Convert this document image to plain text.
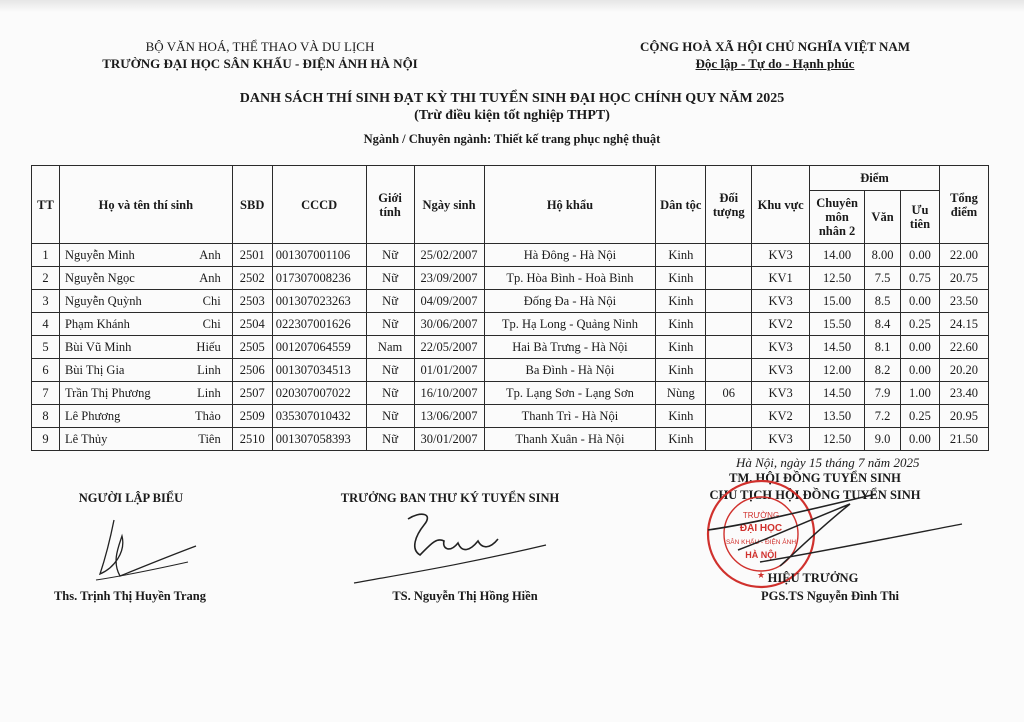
BỘ VĂN HOÁ, THỂ THAO VÀ DU LỊCH
TRƯỜNG ĐẠI HỌC SÂN KHẤU - ĐIỆN ẢNH HÀ NỘI
CỘNG HOÀ XÃ HỘI CHỦ NGHĨA VIỆT NAM
Độc lập - Tự do - Hạnh phúc
DANH SÁCH THÍ SINH ĐẠT KỲ THI TUYỂN SINH ĐẠI HỌC CHÍNH QUY NĂM 2025
(Trừ điều kiện tốt nghiệp THPT)
Ngành / Chuyên ngành: Thiết kế trang phục nghệ thuật
TT	Họ và tên thí sinh	SBD	CCCD	Giới tính	Ngày sinh	Hộ khẩu	Dân tộc	Đối tượng	Khu vực	Điểm			Tổng điểm
										Chuyên môn nhân 2	Văn	Ưu tiên	
1	Nguyễn Minh Anh	2501	001307001106	Nữ	25/02/2007	Hà Đông - Hà Nội	Kinh		KV3	14.00	8.00	0.00	22.00
2	Nguyễn Ngọc Anh	2502	017307008236	Nữ	23/09/2007	Tp. Hòa Bình - Hoà Bình	Kinh		KV1	12.50	7.5	0.75	20.75
3	Nguyễn Quỳnh Chi	2503	001307023263	Nữ	04/09/2007	Đống Đa - Hà Nội	Kinh		KV3	15.00	8.5	0.00	23.50
4	Phạm Khánh Chi	2504	022307001626	Nữ	30/06/2007	Tp. Hạ Long - Quảng Ninh	Kinh		KV2	15.50	8.4	0.25	24.15
5	Bùi Vũ Minh Hiếu	2505	001207064559	Nam	22/05/2007	Hai Bà Trưng - Hà Nội	Kinh		KV3	14.50	8.1	0.00	22.60
6	Bùi Thị Gia Linh	2506	001307034513	Nữ	01/01/2007	Ba Đình - Hà Nội	Kinh		KV3	12.00	8.2	0.00	20.20
7	Trần Thị Phương Linh	2507	020307007022	Nữ	16/10/2007	Tp. Lạng Sơn - Lạng Sơn	Nùng	06	KV3	14.50	7.9	1.00	23.40
8	Lê Phương Thảo	2509	035307010432	Nữ	13/06/2007	Thanh Trì - Hà Nội	Kinh		KV2	13.50	7.2	0.25	20.95
9	Lê Thủy Tiên	2510	001307058393	Nữ	30/01/2007	Thanh Xuân - Hà Nội	Kinh		KV3	12.50	9.0	0.00	21.50
Hà Nội, ngày 15 tháng 7 năm 2025
NGƯỜI LẬP BIỂU
Ths. Trịnh Thị Huyền Trang
TRƯỞNG BAN THƯ KÝ TUYỂN SINH
TS. Nguyễn Thị Hồng Hiền
TM. HỘI ĐỒNG TUYỂN SINH
CHỦ TỊCH HỘI ĐỒNG TUYỂN SINH
TRƯỜNG
ĐẠI HỌC
SÂN KHẤU - ĐIỆN ẢNH
HÀ NỘI
★ HIỆU TRƯỞNG
PGS.TS Nguyễn Đình Thi
